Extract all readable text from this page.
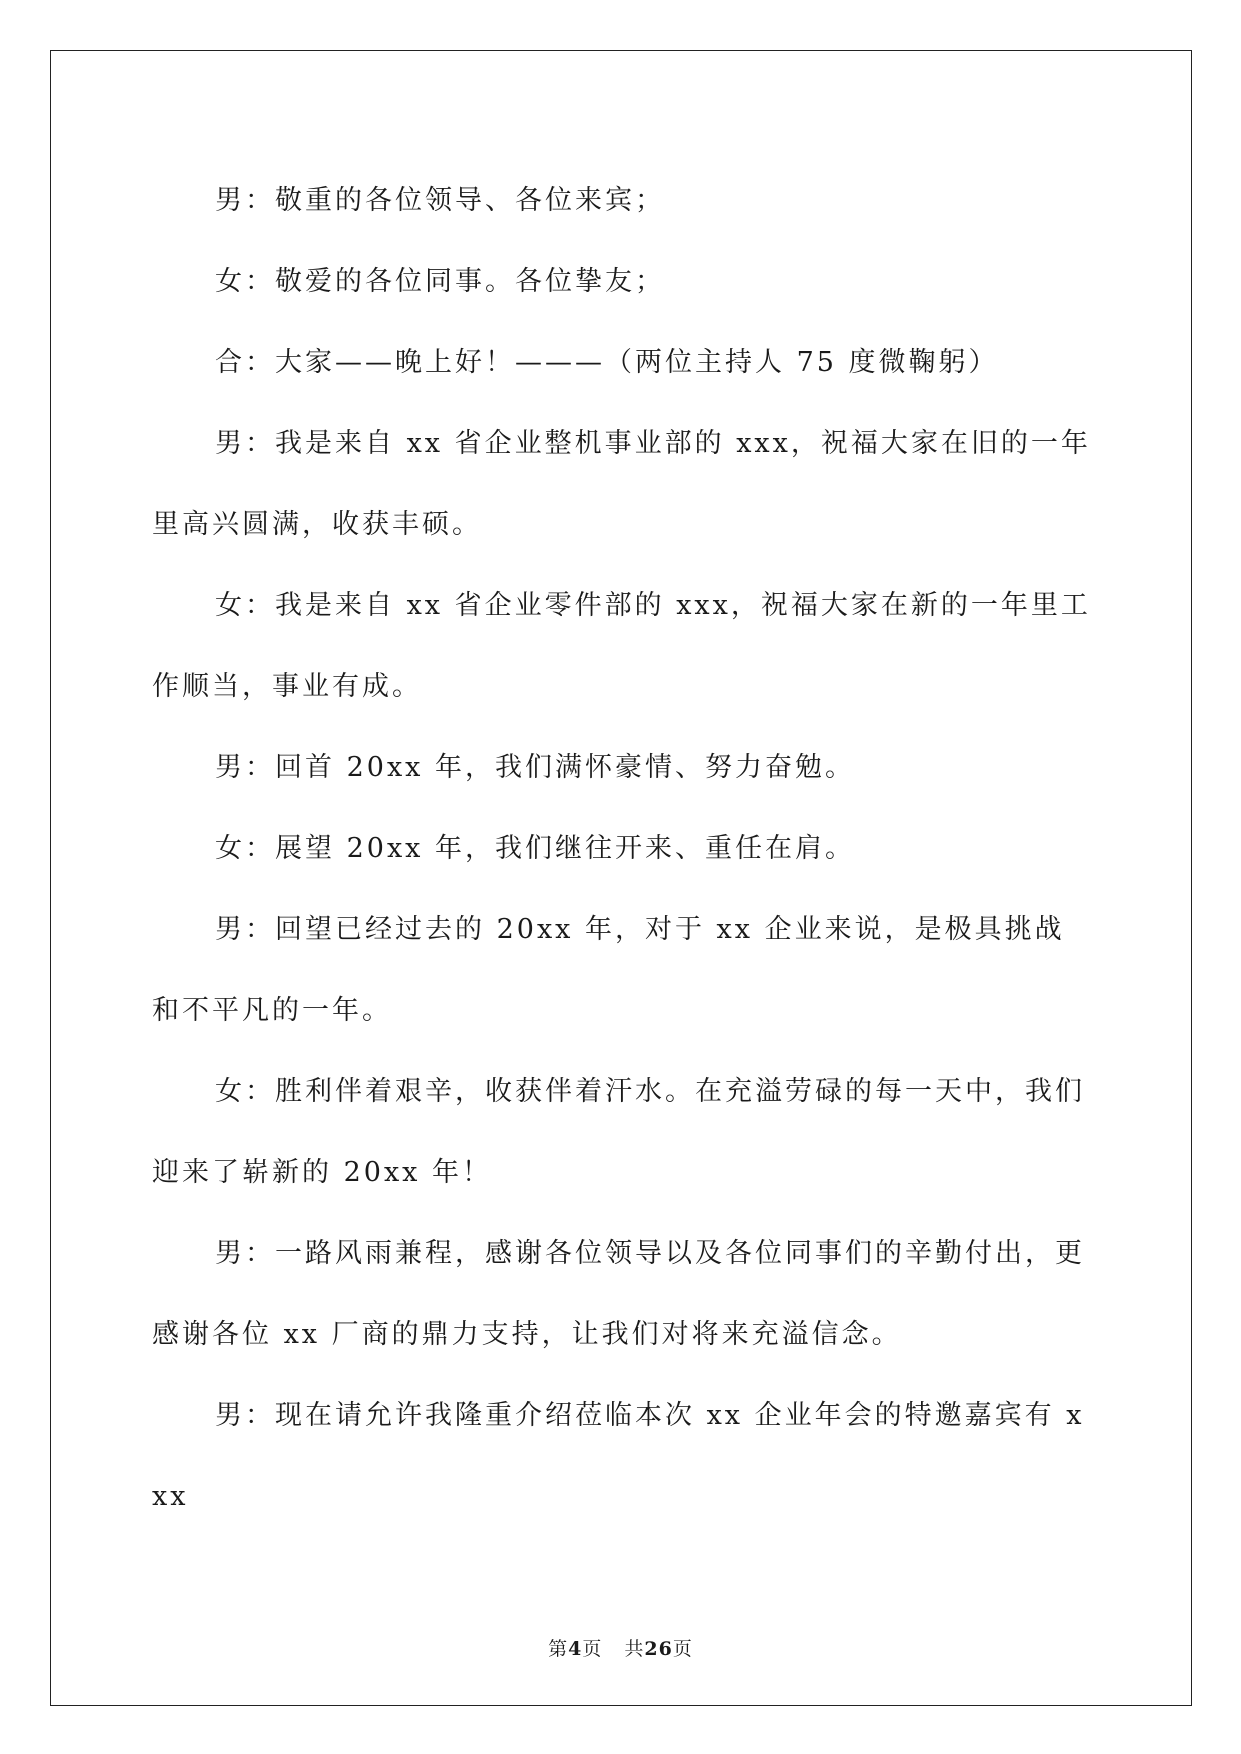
男：敬重的各位领导、各位来宾；

女：敬爱的各位同事。各位挚友；

合：大家——晚上好！———（两位主持人 75 度微鞠躬）

男：我是来自 xx 省企业整机事业部的 xxx，祝福大家在旧的一年里高兴圆满，收获丰硕。

女：我是来自 xx 省企业零件部的 xxx，祝福大家在新的一年里工作顺当，事业有成。

男：回首 20xx 年，我们满怀豪情、努力奋勉。

女：展望 20xx 年，我们继往开来、重任在肩。

男：回望已经过去的 20xx 年，对于 xx 企业来说，是极具挑战和不平凡的一年。

女：胜利伴着艰辛，收获伴着汗水。在充溢劳碌的每一天中，我们迎来了崭新的 20xx 年！

男：一路风雨兼程，感谢各位领导以及各位同事们的辛勤付出，更感谢各位 xx 厂商的鼎力支持，让我们对将来充溢信念。

男：现在请允许我隆重介绍莅临本次 xx 企业年会的特邀嘉宾有 xxx

第4页 共26页
